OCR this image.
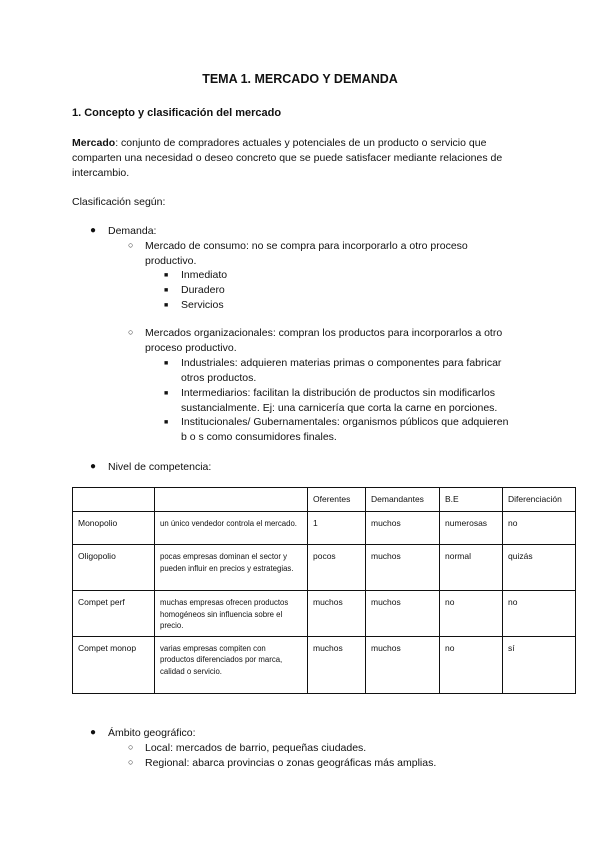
TEMA 1. MERCADO Y DEMANDA
1. Concepto y clasificación del mercado
Mercado: conjunto de compradores actuales y potenciales de un producto o servicio que comparten una necesidad o deseo concreto que se puede satisfacer mediante relaciones de intercambio.
Clasificación según:
● Demanda:
○ Mercado de consumo: no se compra para incorporarlo a otro proceso
productivo.
■ Inmediato
■ Duradero
■ Servicios
○ Mercados organizacionales: compran los productos para incorporarlos a otro
proceso productivo.
■ Industriales: adquieren materias primas o componentes para fabricar
otros productos.
■ Intermediarios: facilitan la distribución de productos sin modificarlos
sustancialmente. Ej: una carnicería que corta la carne en porciones.
■ Institucionales/ Gubernamentales: organismos públicos que adquieren
b o s como consumidores finales.
● Nivel de competencia:
		Oferentes	Demandantes	B.E	Diferenciación
Monopolio	un único vendedor controla el mercado.	1	muchos	numerosas	no
Oligopolio	pocas empresas dominan el sector y pueden influir en precios y estrategias.	pocos	muchos	normal	quizás
Compet perf	muchas empresas ofrecen productos homogéneos sin influencia sobre el precio.	muchos	muchos	no	no
Compet monop	varias empresas compiten con productos diferenciados por marca, calidad o servicio.	muchos	muchos	no	sí
● Ámbito geográfico:
○ Local: mercados de barrio, pequeñas ciudades.
○ Regional: abarca provincias o zonas geográficas más amplias.
